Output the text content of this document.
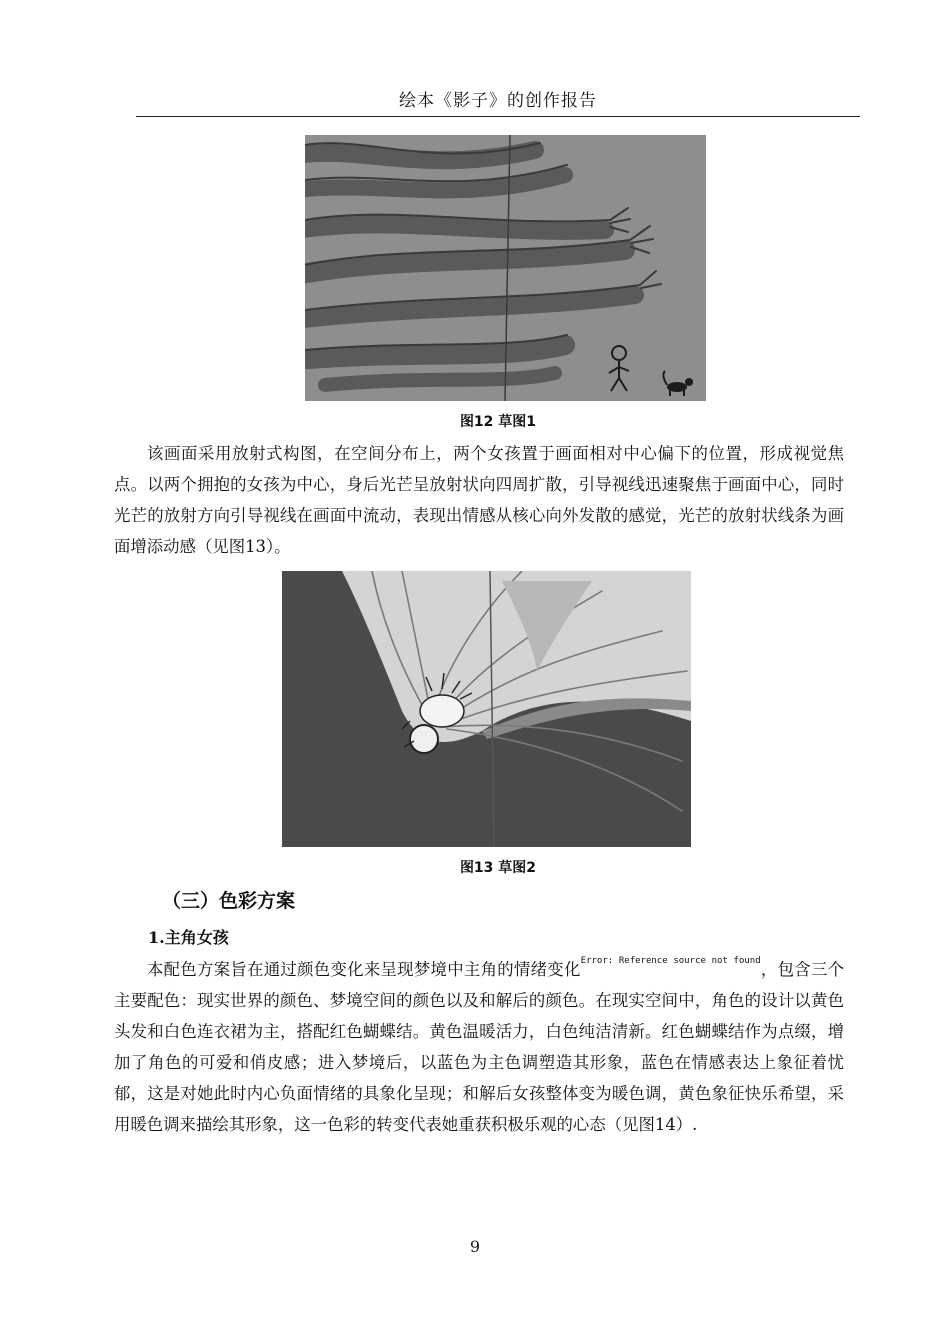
绘本《影子》的创作报告
图12 草图1

该画面采用放射式构图，在空间分布上，两个女孩置于画面相对中心偏下的位置，形成视觉焦点。以两个拥抱的女孩为中心，身后光芒呈放射状向四周扩散，引导视线迅速聚焦于画面中心，同时光芒的放射方向引导视线在画面中流动，表现出情感从核心向外发散的感觉，光芒的放射状线条为画面增添动感（见图13）。

图13 草图2
（三）色彩方案
1.主角女孩

本配色方案旨在通过颜色变化来呈现梦境中主角的情绪变化$^{Error: Reference source not found}$，包含三个主要配色：现实世界的颜色、梦境空间的颜色以及和解后的颜色。在现实空间中，角色的设计以黄色头发和白色连衣裙为主，搭配红色蝴蝶结。黄色温暖活力，白色纯洁清新。红色蝴蝶结作为点缀，增加了角色的可爱和俏皮感；进入梦境后，以蓝色为主色调塑造其形象，蓝色在情感表达上象征着忧郁，这是对她此时内心负面情绪的具象化呈现；和解后女孩整体变为暖色调，黄色象征快乐希望，采用暖色调来描绘其形象，这一色彩的转变代表她重获积极乐观的心态（见图14）.

9
